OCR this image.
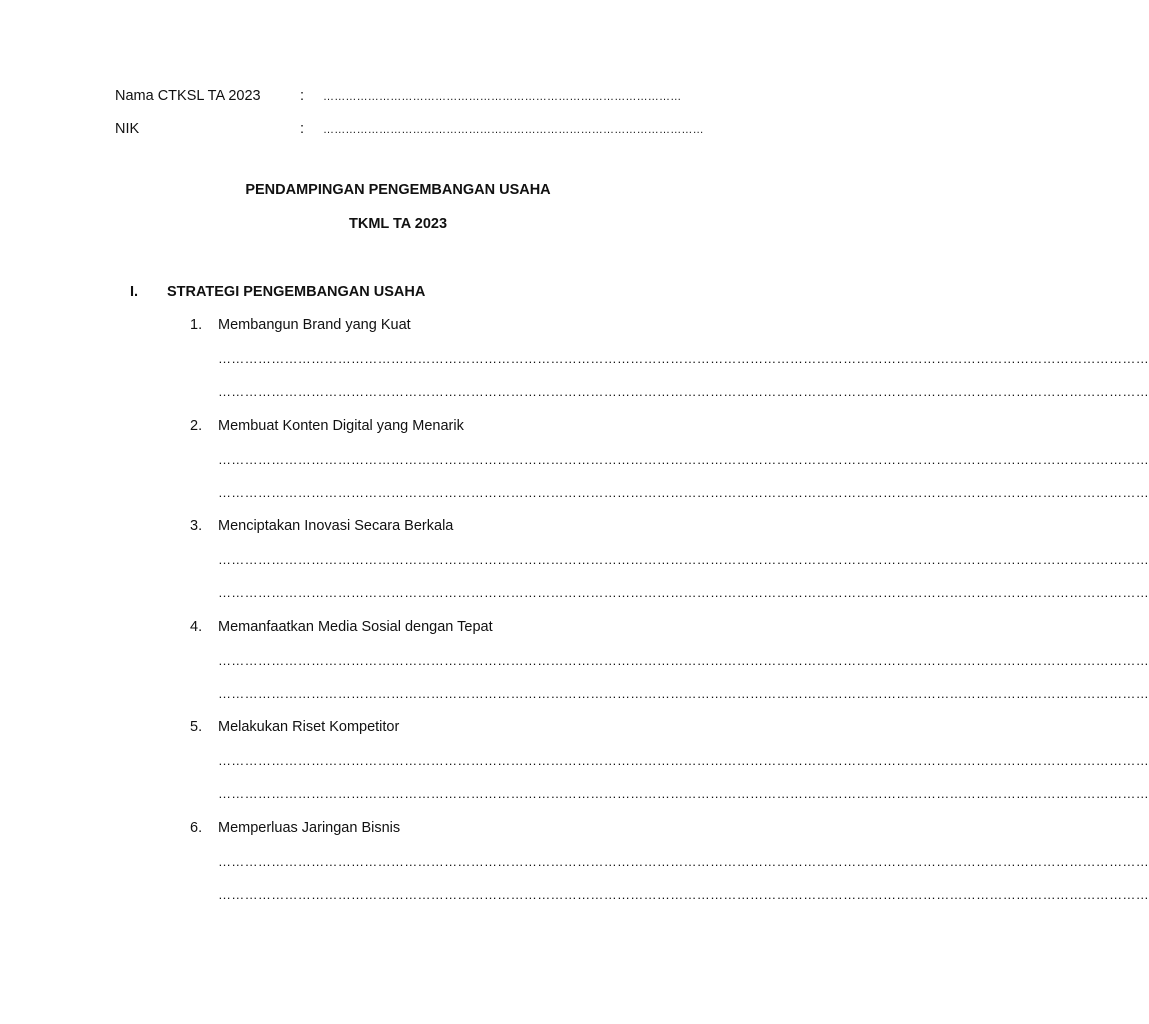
Nama CTKSL TA 2023	: ……………………………………………………………………………………
NIK	: …………………………………………………………………………………………
PENDAMPINGAN PENGEMBANGAN USAHA
TKML TA 2023
I. STRATEGI PENGEMBANGAN USAHA
1. Membangun Brand yang Kuat
…………………………………………………………………………………………………………………………………………………………………………………………
…………………………………………………………………………………………………………………………………………………………………………………………
2. Membuat Konten Digital yang Menarik
…………………………………………………………………………………………………………………………………………………………………………………………
…………………………………………………………………………………………………………………………………………………………………………………………
3. Menciptakan Inovasi Secara Berkala
…………………………………………………………………………………………………………………………………………………………………………………………
…………………………………………………………………………………………………………………………………………………………………………………………
4. Memanfaatkan Media Sosial dengan Tepat
…………………………………………………………………………………………………………………………………………………………………………………………
…………………………………………………………………………………………………………………………………………………………………………………………
5. Melakukan Riset Kompetitor
…………………………………………………………………………………………………………………………………………………………………………………………
…………………………………………………………………………………………………………………………………………………………………………………………
6. Memperluas Jaringan Bisnis
…………………………………………………………………………………………………………………………………………………………………………………………
…………………………………………………………………………………………………………………………………………………………………………………………
